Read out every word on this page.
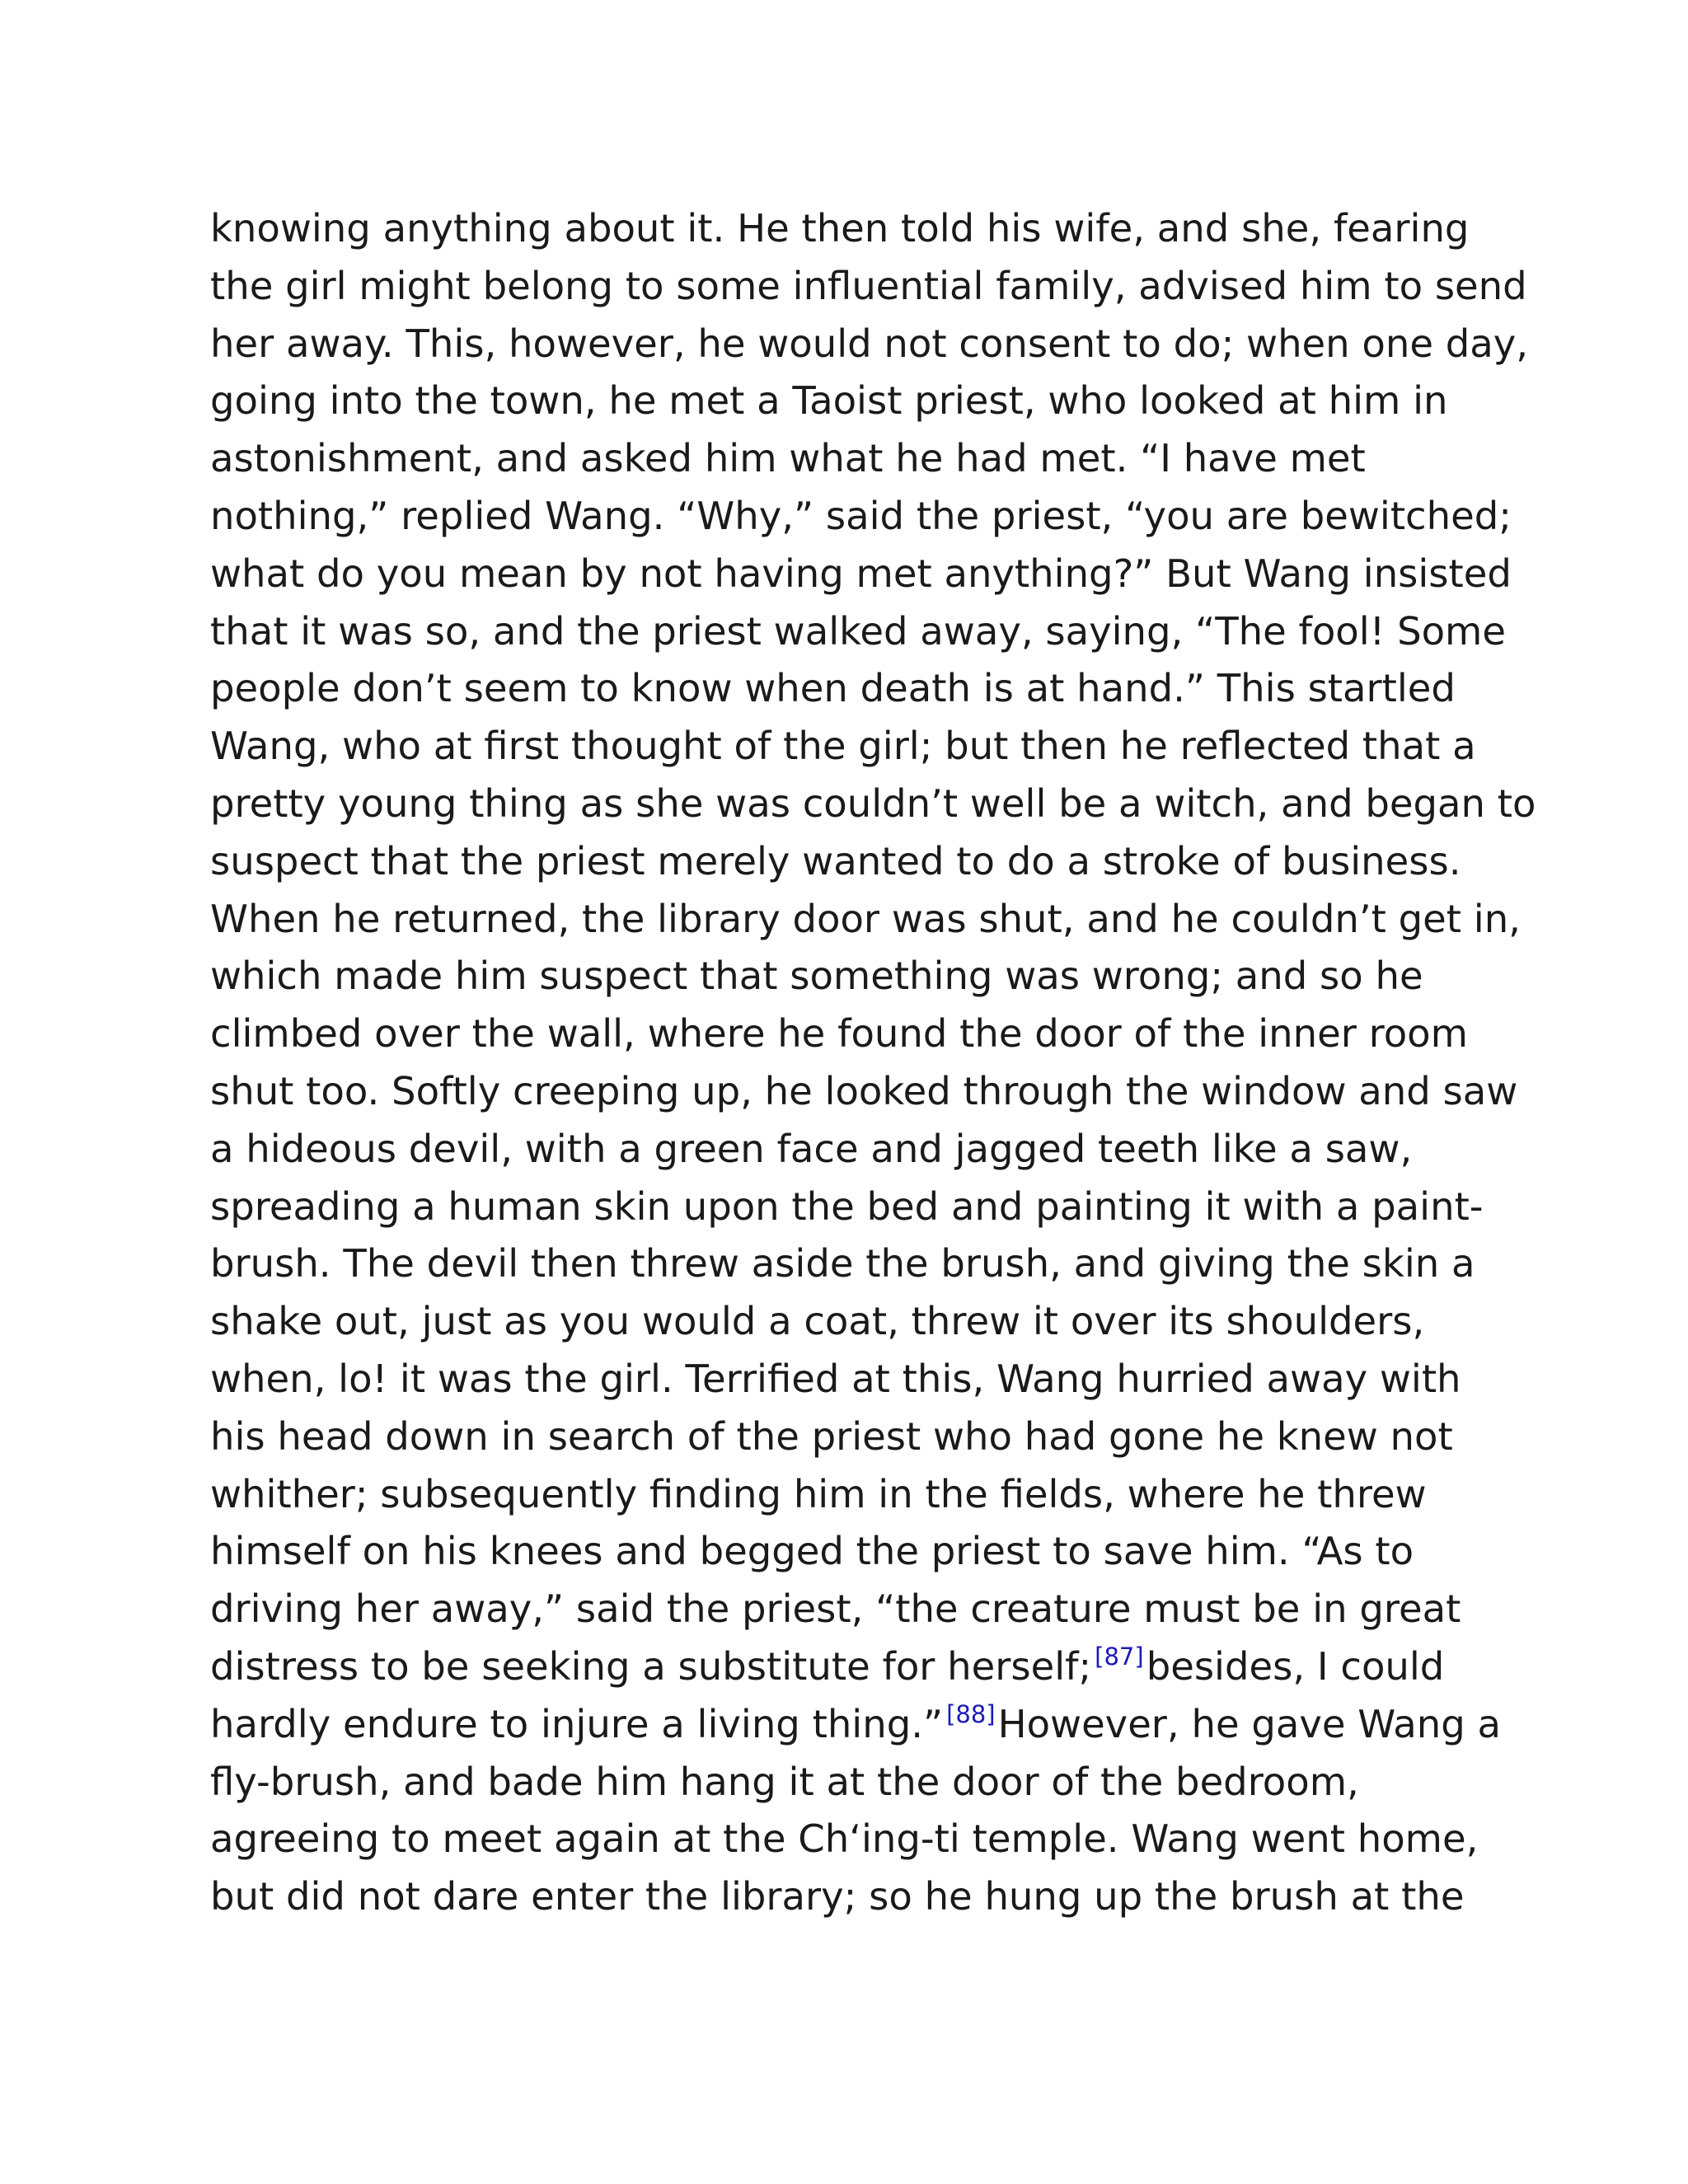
knowing anything about it. He then told his wife, and she, fearing
the girl might belong to some influential family, advised him to send
her away. This, however, he would not consent to do; when one day,
going into the town, he met a Taoist priest, who looked at him in
astonishment, and asked him what he had met. “I have met
nothing,” replied Wang. “Why,” said the priest, “you are bewitched;
what do you mean by not having met anything?” But Wang insisted
that it was so, and the priest walked away, saying, “The fool! Some
people don’t seem to know when death is at hand.” This startled
Wang, who at first thought of the girl; but then he reflected that a
pretty young thing as she was couldn’t well be a witch, and began to
suspect that the priest merely wanted to do a stroke of business.
When he returned, the library door was shut, and he couldn’t get in,
which made him suspect that something was wrong; and so he
climbed over the wall, where he found the door of the inner room
shut too. Softly creeping up, he looked through the window and saw
a hideous devil, with a green face and jagged teeth like a saw,
spreading a human skin upon the bed and painting it with a paint-
brush. The devil then threw aside the brush, and giving the skin a
shake out, just as you would a coat, threw it over its shoulders,
when, lo! it was the girl. Terrified at this, Wang hurried away with
his head down in search of the priest who had gone he knew not
whither; subsequently finding him in the fields, where he threw
himself on his knees and begged the priest to save him. “As to
driving her away,” said the priest, “the creature must be in great
distress to be seeking a substitute for herself; [87]besides, I could
hardly endure to injure a living thing.” [88]However, he gave Wang a
fly-brush, and bade him hang it at the door of the bedroom,
agreeing to meet again at the Ch‘ing-ti temple. Wang went home,
but did not dare enter the library; so he hung up the brush at the
